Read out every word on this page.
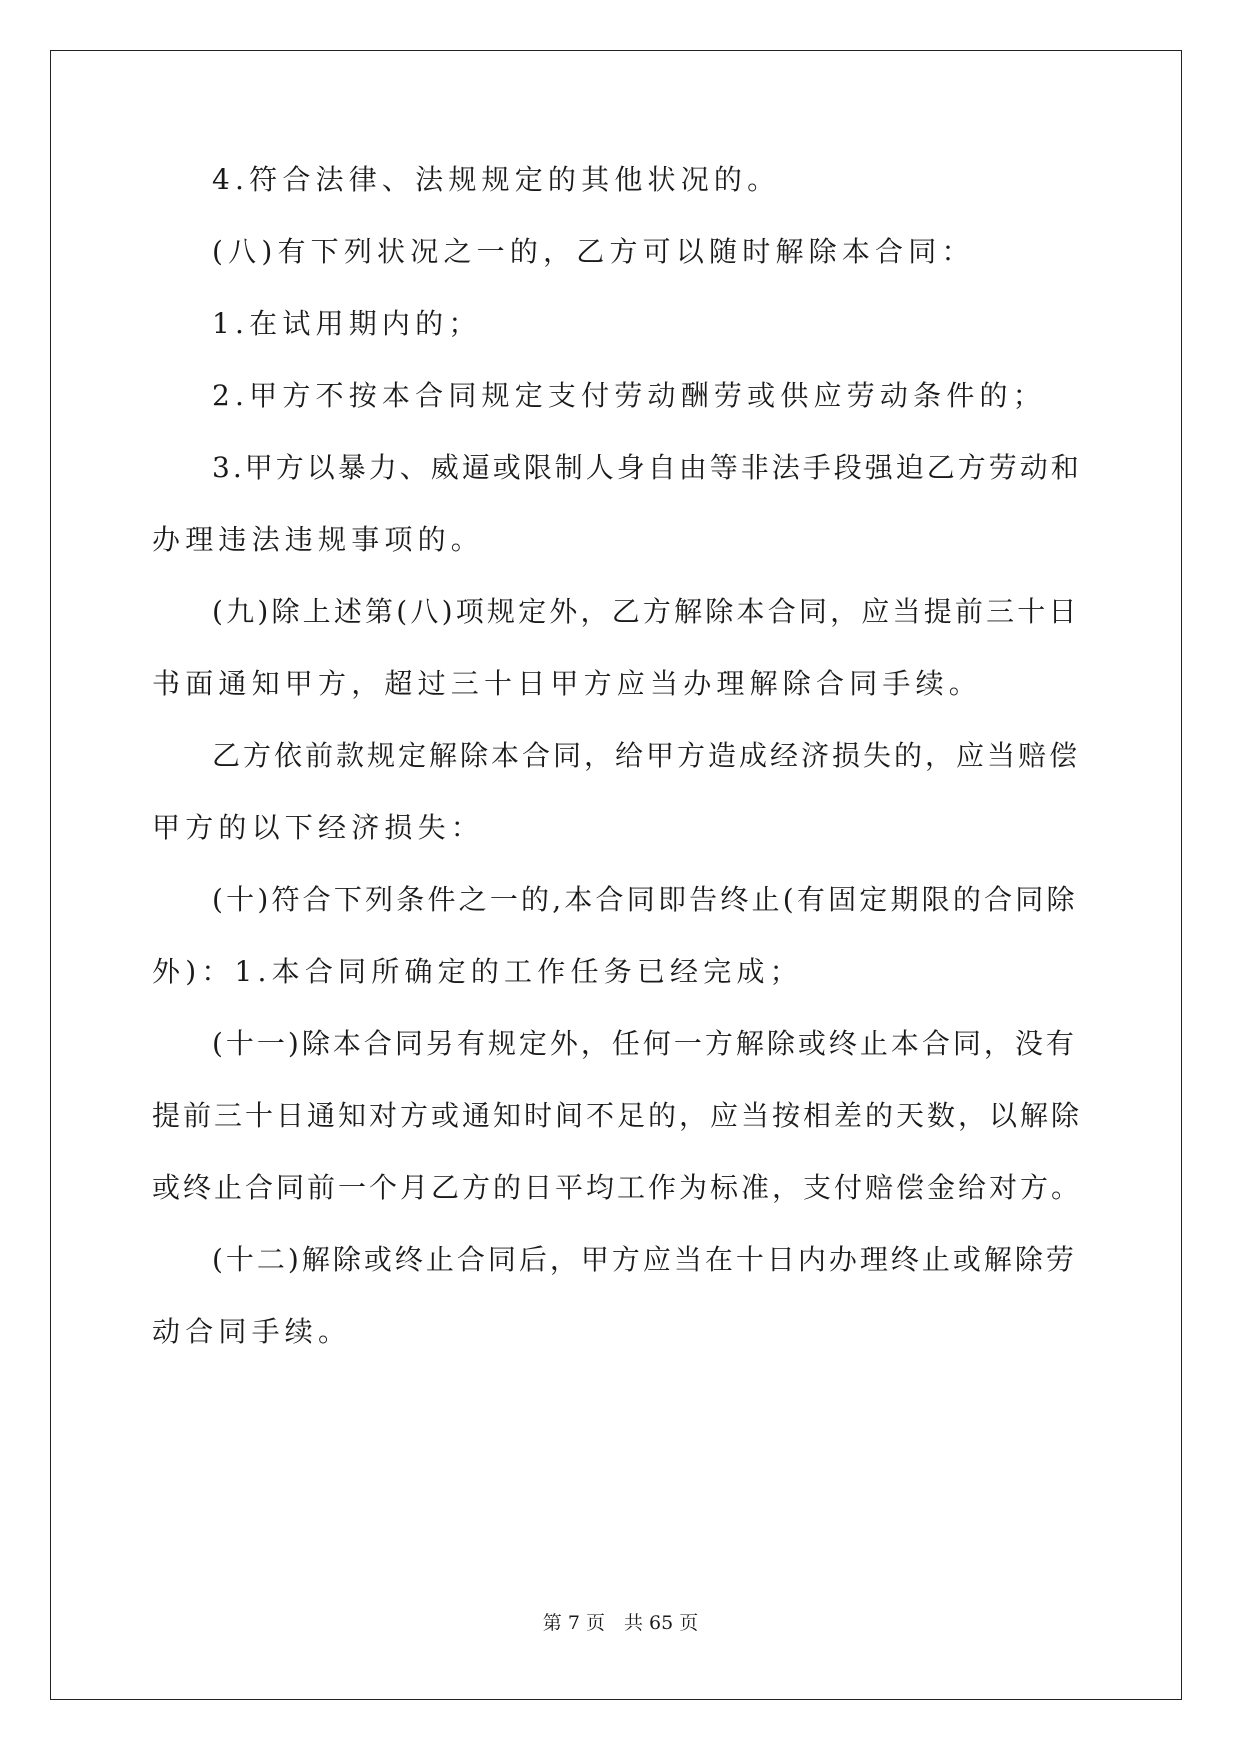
4.符合法律、法规规定的其他状况的。
(八)有下列状况之一的，乙方可以随时解除本合同：
1.在试用期内的；
2.甲方不按本合同规定支付劳动酬劳或供应劳动条件的；
3.甲方以暴力、威逼或限制人身自由等非法手段强迫乙方劳动和
办理违法违规事项的。
(九)除上述第(八)项规定外，乙方解除本合同，应当提前三十日
书面通知甲方，超过三十日甲方应当办理解除合同手续。
乙方依前款规定解除本合同，给甲方造成经济损失的，应当赔偿
甲方的以下经济损失：
(十)符合下列条件之一的,本合同即告终止(有固定期限的合同除
外)：1.本合同所确定的工作任务已经完成；
(十一)除本合同另有规定外，任何一方解除或终止本合同，没有
提前三十日通知对方或通知时间不足的，应当按相差的天数，以解除
或终止合同前一个月乙方的日平均工作为标准，支付赔偿金给对方。
(十二)解除或终止合同后，甲方应当在十日内办理终止或解除劳
动合同手续。
第 7 页　共 65 页
